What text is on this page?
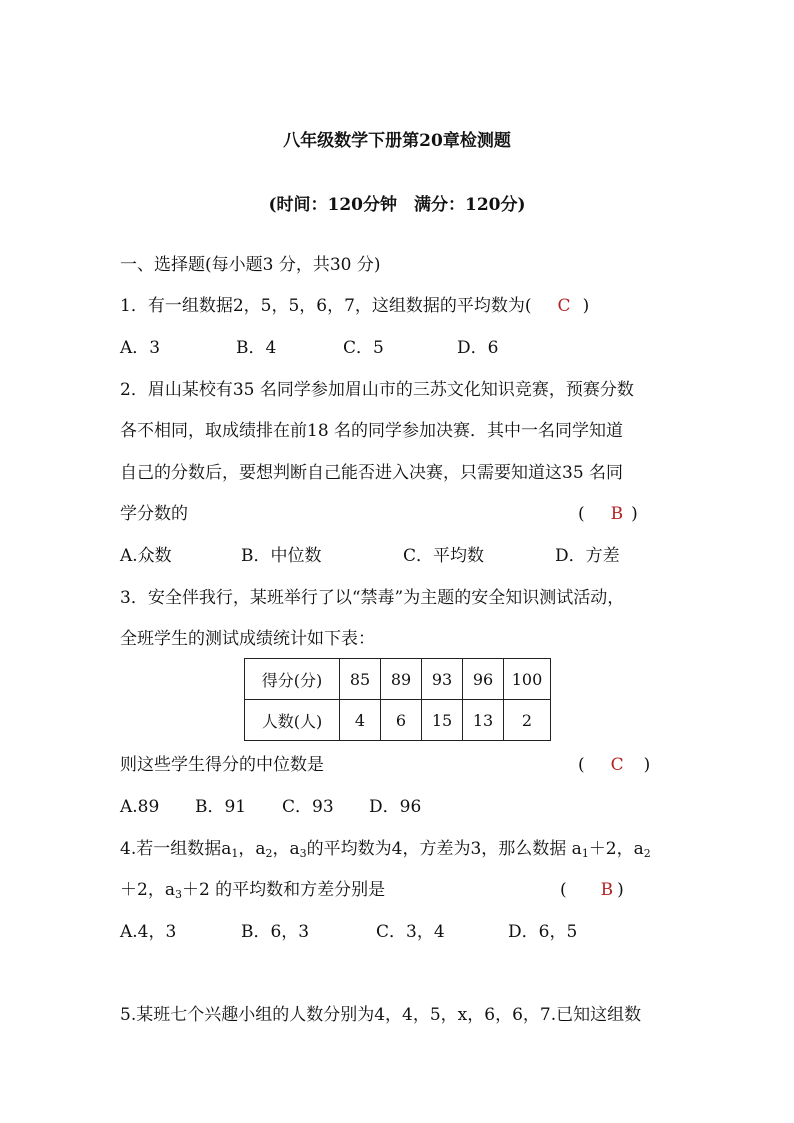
八年级数学下册第20章检测题
(时间：120分钟　满分：120分)
一、选择题(每小题3 分，共30 分)
1．有一组数据2，5，5，6，7，这组数据的平均数为( C )
A．3	B．4	C．5	D．6
2．眉山某校有35 名同学参加眉山市的三苏文化知识竞赛，预赛分数
各不相同，取成绩排在前18 名的同学参加决赛．其中一名同学知道
自己的分数后，要想判断自己能否进入决赛，只需要知道这35 名同
学分数的	( B )
A.众数	B．中位数	C．平均数	D．方差
3．安全伴我行，某班举行了以“禁毒”为主题的安全知识测试活动，
全班学生的测试成绩统计如下表：
得分(分)	85	89	93	96	100
人数(人)	4	6	15	13	2
则这些学生得分的中位数是	( C )
A.89 B．91 C．93 D．96
4.若一组数据$a_1$，$a_2$，$a_3$的平均数为4，方差为3，那么数据 $a_1+2$，$a_2$
＋2，$a_3+2$ 的平均数和方差分别是	( B )
A.4，3	B．6，3	C．3，4	D．6，5
5.某班七个兴趣小组的人数分别为4，4，5，x，6，6，7.已知这组数
